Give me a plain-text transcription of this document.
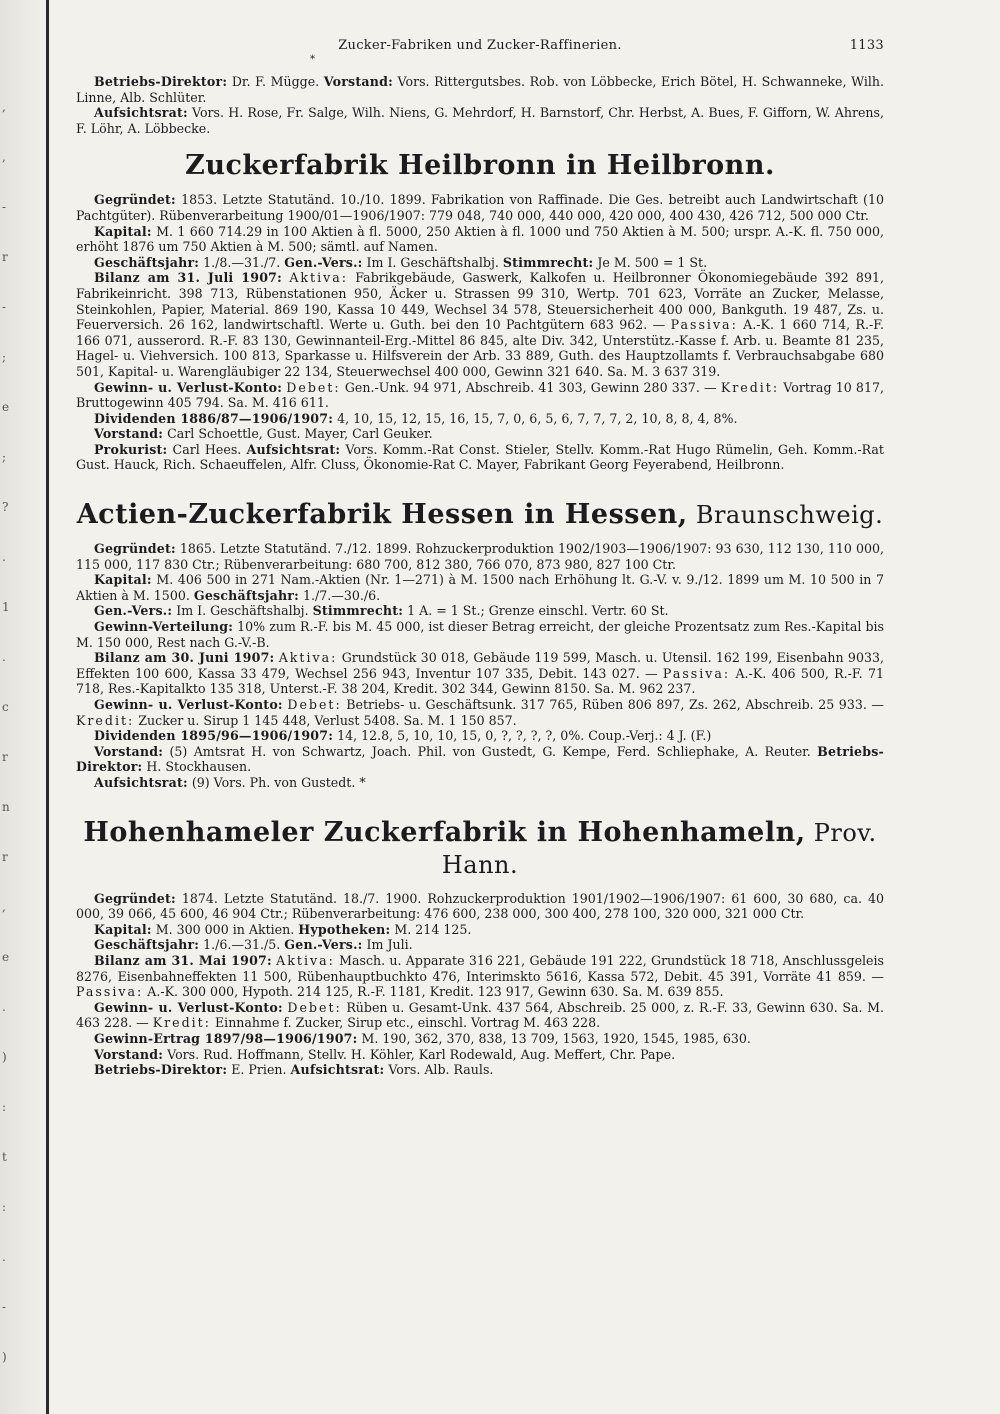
,
,
-
r
-
;
e
;
?
.
1
.
c
r
n
r
,
e
.
)
:
t
:
.
-
)
Zucker-Fabriken und Zucker-Raffinerien.	1133
*

Betriebs-Direktor: Dr. F. Mügge. Vorstand: Vors. Rittergutsbes. Rob. von Löbbecke, Erich Bötel, H. Schwanneke, Wilh. Linne, Alb. Schlüter.

Aufsichtsrat: Vors. H. Rose, Fr. Salge, Wilh. Niens, G. Mehrdorf, H. Barnstorf, Chr. Herbst, A. Bues, F. Gifforn, W. Ahrens, F. Löhr, A. Löbbecke.

Zuckerfabrik Heilbronn in Heilbronn.

Gegründet: 1853. Letzte Statutänd. 10./10. 1899. Fabrikation von Raffinade. Die Ges. betreibt auch Landwirtschaft (10 Pachtgüter). Rübenverarbeitung 1900/01—1906/1907: 779 048, 740 000, 440 000, 420 000, 400 430, 426 712, 500 000 Ctr.

Kapital: M. 1 660 714.29 in 100 Aktien à fl. 5000, 250 Aktien à fl. 1000 und 750 Aktien à M. 500; urspr. A.-K. fl. 750 000, erhöht 1876 um 750 Aktien à M. 500; sämtl. auf Namen.

Geschäftsjahr: 1./8.—31./7. Gen.-Vers.: Im I. Geschäftshalbj. Stimmrecht: Je M. 500 = 1 St.

Bilanz am 31. Juli 1907: Aktiva: Fabrikgebäude, Gaswerk, Kalkofen u. Heilbronner Ökonomiegebäude 392 891, Fabrikeinricht. 398 713, Rübenstationen 950, Äcker u. Strassen 99 310, Wertp. 701 623, Vorräte an Zucker, Melasse, Steinkohlen, Papier, Material. 869 190, Kassa 10 449, Wechsel 34 578, Steuersicherheit 400 000, Bankguth. 19 487, Zs. u. Feuerversich. 26 162, landwirtschaftl. Werte u. Guth. bei den 10 Pachtgütern 683 962. — Passiva: A.-K. 1 660 714, R.-F. 166 071, ausserord. R.-F. 83 130, Gewinnanteil-Erg.-Mittel 86 845, alte Div. 342, Unterstütz.-Kasse f. Arb. u. Beamte 81 235, Hagel- u. Viehversich. 100 813, Sparkasse u. Hilfsverein der Arb. 33 889, Guth. des Hauptzollamts f. Verbrauchsabgabe 680 501, Kapital- u. Warengläubiger 22 134, Steuerwechsel 400 000, Gewinn 321 640. Sa. M. 3 637 319.

Gewinn- u. Verlust-Konto: Debet: Gen.-Unk. 94 971, Abschreib. 41 303, Gewinn 280 337. — Kredit: Vortrag 10 817, Bruttogewinn 405 794. Sa. M. 416 611.

Dividenden 1886/87—1906/1907: 4, 10, 15, 12, 15, 16, 15, 7, 0, 6, 5, 6, 7, 7, 7, 2, 10, 8, 8, 4, 8%.

Vorstand: Carl Schoettle, Gust. Mayer, Carl Geuker.

Prokurist: Carl Hees. Aufsichtsrat: Vors. Komm.-Rat Const. Stieler, Stellv. Komm.-Rat Hugo Rümelin, Geh. Komm.-Rat Gust. Hauck, Rich. Schaeuffelen, Alfr. Cluss, Ökonomie-Rat C. Mayer, Fabrikant Georg Feyerabend, Heilbronn.

Actien-Zuckerfabrik Hessen in Hessen, Braunschweig.

Gegründet: 1865. Letzte Statutänd. 7./12. 1899. Rohzuckerproduktion 1902/1903—1906/1907: 93 630, 112 130, 110 000, 115 000, 117 830 Ctr.; Rübenverarbeitung: 680 700, 812 380, 766 070, 873 980, 827 100 Ctr.

Kapital: M. 406 500 in 271 Nam.-Aktien (Nr. 1—271) à M. 1500 nach Erhöhung lt. G.-V. v. 9./12. 1899 um M. 10 500 in 7 Aktien à M. 1500. Geschäftsjahr: 1./7.—30./6.

Gen.-Vers.: Im I. Geschäftshalbj. Stimmrecht: 1 A. = 1 St.; Grenze einschl. Vertr. 60 St.

Gewinn-Verteilung: 10% zum R.-F. bis M. 45 000, ist dieser Betrag erreicht, der gleiche Prozentsatz zum Res.-Kapital bis M. 150 000, Rest nach G.-V.-B.

Bilanz am 30. Juni 1907: Aktiva: Grundstück 30 018, Gebäude 119 599, Masch. u. Utensil. 162 199, Eisenbahn 9033, Effekten 100 600, Kassa 33 479, Wechsel 256 943, Inventur 107 335, Debit. 143 027. — Passiva: A.-K. 406 500, R.-F. 71 718, Res.-Kapitalkto 135 318, Unterst.-F. 38 204, Kredit. 302 344, Gewinn 8150. Sa. M. 962 237.

Gewinn- u. Verlust-Konto: Debet: Betriebs- u. Geschäftsunk. 317 765, Rüben 806 897, Zs. 262, Abschreib. 25 933. — Kredit: Zucker u. Sirup 1 145 448, Verlust 5408. Sa. M. 1 150 857.

Dividenden 1895/96—1906/1907: 14, 12.8, 5, 10, 10, 15, 0, ?, ?, ?, ?, 0%. Coup.-Verj.: 4 J. (F.)

Vorstand: (5) Amtsrat H. von Schwartz, Joach. Phil. von Gustedt, G. Kempe, Ferd. Schliephake, A. Reuter. Betriebs-Direktor: H. Stockhausen.

Aufsichtsrat: (9) Vors. Ph. von Gustedt. *

Hohenhameler Zuckerfabrik in Hohenhameln, Prov. Hann.

Gegründet: 1874. Letzte Statutänd. 18./7. 1900. Rohzuckerproduktion 1901/1902—1906/1907: 61 600, 30 680, ca. 40 000, 39 066, 45 600, 46 904 Ctr.; Rübenverarbeitung: 476 600, 238 000, 300 400, 278 100, 320 000, 321 000 Ctr.

Kapital: M. 300 000 in Aktien. Hypotheken: M. 214 125.

Geschäftsjahr: 1./6.—31./5. Gen.-Vers.: Im Juli.

Bilanz am 31. Mai 1907: Aktiva: Masch. u. Apparate 316 221, Gebäude 191 222, Grundstück 18 718, Anschlussgeleis 8276, Eisenbahneffekten 11 500, Rübenhauptbuchkto 476, Interimskto 5616, Kassa 572, Debit. 45 391, Vorräte 41 859. — Passiva: A.-K. 300 000, Hypoth. 214 125, R.-F. 1181, Kredit. 123 917, Gewinn 630. Sa. M. 639 855.

Gewinn- u. Verlust-Konto: Debet: Rüben u. Gesamt-Unk. 437 564, Abschreib. 25 000, z. R.-F. 33, Gewinn 630. Sa. M. 463 228. — Kredit: Einnahme f. Zucker, Sirup etc., einschl. Vortrag M. 463 228.

Gewinn-Ertrag 1897/98—1906/1907: M. 190, 362, 370, 838, 13 709, 1563, 1920, 1545, 1985, 630.

Vorstand: Vors. Rud. Hoffmann, Stellv. H. Köhler, Karl Rodewald, Aug. Meffert, Chr. Pape.

Betriebs-Direktor: E. Prien. Aufsichtsrat: Vors. Alb. Rauls.
